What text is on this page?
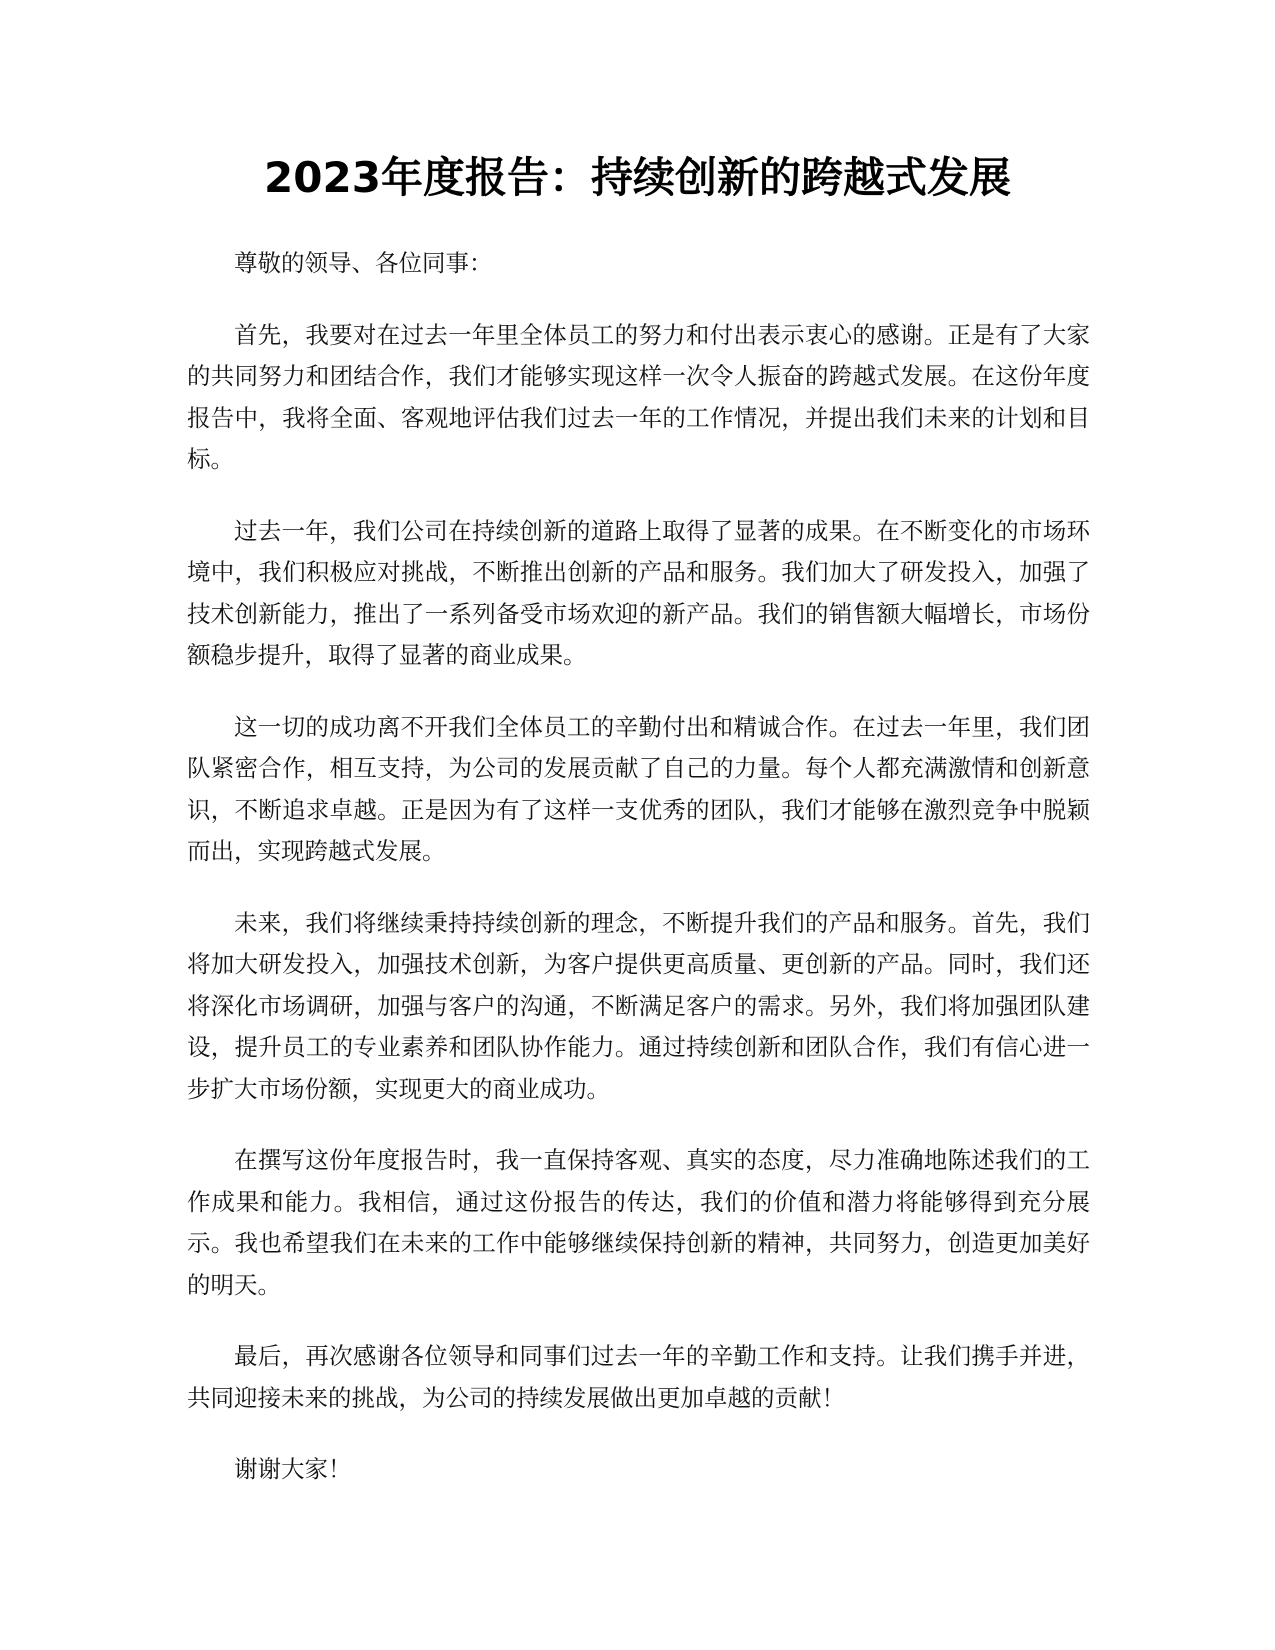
2023年度报告：持续创新的跨越式发展

尊敬的领导、各位同事：

首先，我要对在过去一年里全体员工的努力和付出表示衷心的感谢。正是有了大家的共同努力和团结合作，我们才能够实现这样一次令人振奋的跨越式发展。在这份年度报告中，我将全面、客观地评估我们过去一年的工作情况，并提出我们未来的计划和目标。

过去一年，我们公司在持续创新的道路上取得了显著的成果。在不断变化的市场环境中，我们积极应对挑战，不断推出创新的产品和服务。我们加大了研发投入，加强了技术创新能力，推出了一系列备受市场欢迎的新产品。我们的销售额大幅增长，市场份额稳步提升，取得了显著的商业成果。

这一切的成功离不开我们全体员工的辛勤付出和精诚合作。在过去一年里，我们团队紧密合作，相互支持，为公司的发展贡献了自己的力量。每个人都充满激情和创新意识，不断追求卓越。正是因为有了这样一支优秀的团队，我们才能够在激烈竞争中脱颖而出，实现跨越式发展。

未来，我们将继续秉持持续创新的理念，不断提升我们的产品和服务。首先，我们将加大研发投入，加强技术创新，为客户提供更高质量、更创新的产品。同时，我们还将深化市场调研，加强与客户的沟通，不断满足客户的需求。另外，我们将加强团队建设，提升员工的专业素养和团队协作能力。通过持续创新和团队合作，我们有信心进一步扩大市场份额，实现更大的商业成功。

在撰写这份年度报告时，我一直保持客观、真实的态度，尽力准确地陈述我们的工作成果和能力。我相信，通过这份报告的传达，我们的价值和潜力将能够得到充分展示。我也希望我们在未来的工作中能够继续保持创新的精神，共同努力，创造更加美好的明天。

最后，再次感谢各位领导和同事们过去一年的辛勤工作和支持。让我们携手并进，共同迎接未来的挑战，为公司的持续发展做出更加卓越的贡献！

谢谢大家！
